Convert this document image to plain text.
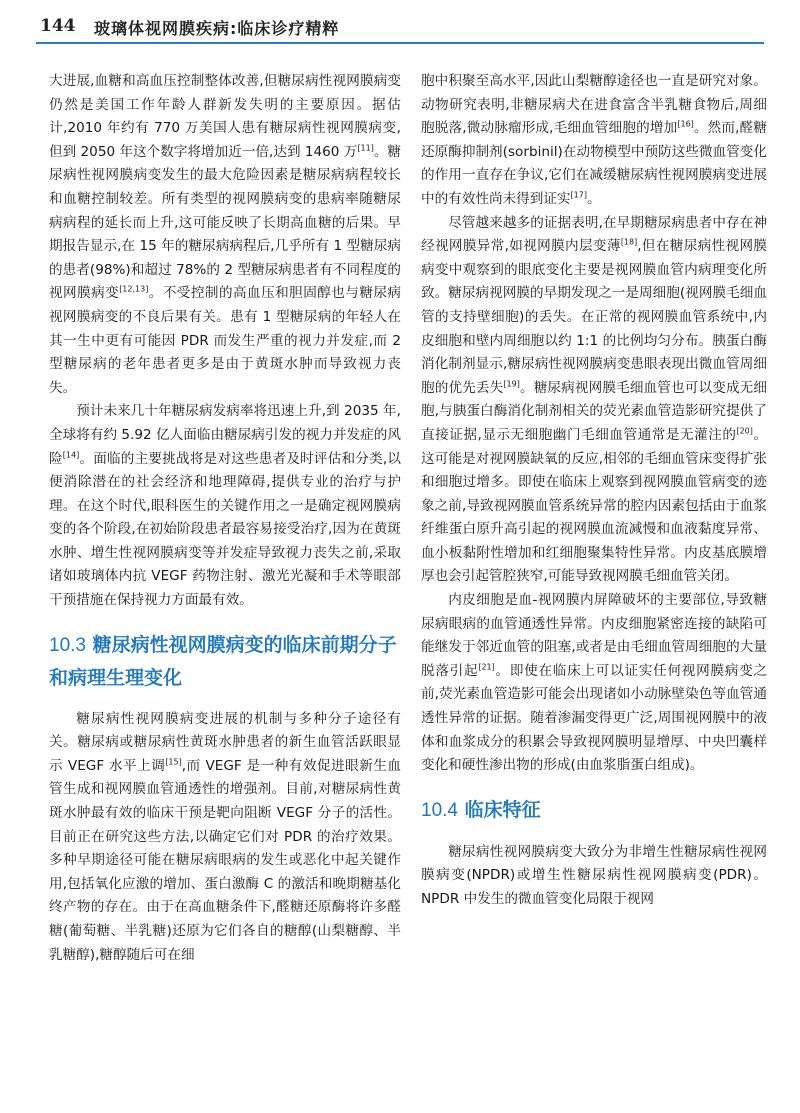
144 玻璃体视网膜疾病:临床诊疗精粹

大进展,血糖和高血压控制整体改善,但糖尿病性视网膜病变仍然是美国工作年龄人群新发失明的主要原因。据估计,2010 年约有 770 万美国人患有糖尿病性视网膜病变,但到 2050 年这个数字将增加近一倍,达到 1460 万[11]。糖尿病性视网膜病变发生的最大危险因素是糖尿病病程较长和血糖控制较差。所有类型的视网膜病变的患病率随糖尿病病程的延长而上升,这可能反映了长期高血糖的后果。早期报告显示,在 15 年的糖尿病病程后,几乎所有 1 型糖尿病的患者(98%)和超过 78%的 2 型糖尿病患者有不同程度的视网膜病变[12,13]。不受控制的高血压和胆固醇也与糖尿病视网膜病变的不良后果有关。患有 1 型糖尿病的年轻人在其一生中更有可能因 PDR 而发生严重的视力并发症,而 2 型糖尿病的老年患者更多是由于黄斑水肿而导致视力丧失。

预计未来几十年糖尿病发病率将迅速上升,到 2035 年,全球将有约 5.92 亿人面临由糖尿病引发的视力并发症的风险[14]。面临的主要挑战将是对这些患者及时评估和分类,以便消除潜在的社会经济和地理障碍,提供专业的治疗与护理。在这个时代,眼科医生的关键作用之一是确定视网膜病变的各个阶段,在初始阶段患者最容易接受治疗,因为在黄斑水肿、增生性视网膜病变等并发症导致视力丧失之前,采取诸如玻璃体内抗 VEGF 药物注射、激光光凝和手术等眼部干预措施在保持视力方面最有效。

10.3 糖尿病性视网膜病变的临床前期分子和病理生理变化

糖尿病性视网膜病变进展的机制与多种分子途径有关。糖尿病或糖尿病性黄斑水肿患者的新生血管活跃眼显示 VEGF 水平上调[15],而 VEGF 是一种有效促进眼新生血管生成和视网膜血管通透性的增强剂。目前,对糖尿病性黄斑水肿最有效的临床干预是靶向阻断 VEGF 分子的活性。目前正在研究这些方法,以确定它们对 PDR 的治疗效果。多种早期途径可能在糖尿病眼病的发生或恶化中起关键作用,包括氧化应激的增加、蛋白激酶 C 的激活和晚期糖基化终产物的存在。由于在高血糖条件下,醛糖还原酶将许多醛糖(葡萄糖、半乳糖)还原为它们各自的糖醇(山梨糖醇、半乳糖醇),糖醇随后可在细

胞中积聚至高水平,因此山梨糖醇途径也一直是研究对象。动物研究表明,非糖尿病犬在进食富含半乳糖食物后,周细胞脱落,微动脉瘤形成,毛细血管细胞的增加[16]。然而,醛糖还原酶抑制剂(sorbinil)在动物模型中预防这些微血管变化的作用一直存在争议,它们在减缓糖尿病性视网膜病变进展中的有效性尚未得到证实[17]。

尽管越来越多的证据表明,在早期糖尿病患者中存在神经视网膜异常,如视网膜内层变薄[18],但在糖尿病性视网膜病变中观察到的眼底变化主要是视网膜血管内病理变化所致。糖尿病视网膜的早期发现之一是周细胞(视网膜毛细血管的支持壁细胞)的丢失。在正常的视网膜血管系统中,内皮细胞和壁内周细胞以约 1:1 的比例均匀分布。胰蛋白酶消化制剂显示,糖尿病性视网膜病变患眼表现出微血管周细胞的优先丢失[19]。糖尿病视网膜毛细血管也可以变成无细胞,与胰蛋白酶消化制剂相关的荧光素血管造影研究提供了直接证据,显示无细胞幽门毛细血管通常是无灌注的[20]。这可能是对视网膜缺氧的反应,相邻的毛细血管床变得扩张和细胞过增多。即使在临床上观察到视网膜血管病变的迹象之前,导致视网膜血管系统异常的腔内因素包括由于血浆纤维蛋白原升高引起的视网膜血流减慢和血液黏度异常、血小板黏附性增加和红细胞聚集特性异常。内皮基底膜增厚也会引起管腔狭窄,可能导致视网膜毛细血管关闭。

内皮细胞是血-视网膜内屏障破坏的主要部位,导致糖尿病眼病的血管通透性异常。内皮细胞紧密连接的缺陷可能继发于邻近血管的阻塞,或者是由毛细血管周细胞的大量脱落引起[21]。即使在临床上可以证实任何视网膜病变之前,荧光素血管造影可能会出现诸如小动脉壁染色等血管通透性异常的证据。随着渗漏变得更广泛,周围视网膜中的液体和血浆成分的积累会导致视网膜明显增厚、中央凹囊样变化和硬性渗出物的形成(由血浆脂蛋白组成)。

10.4 临床特征

糖尿病性视网膜病变大致分为非增生性糖尿病性视网膜病变(NPDR)或增生性糖尿病性视网膜病变(PDR)。NPDR 中发生的微血管变化局限于视网
